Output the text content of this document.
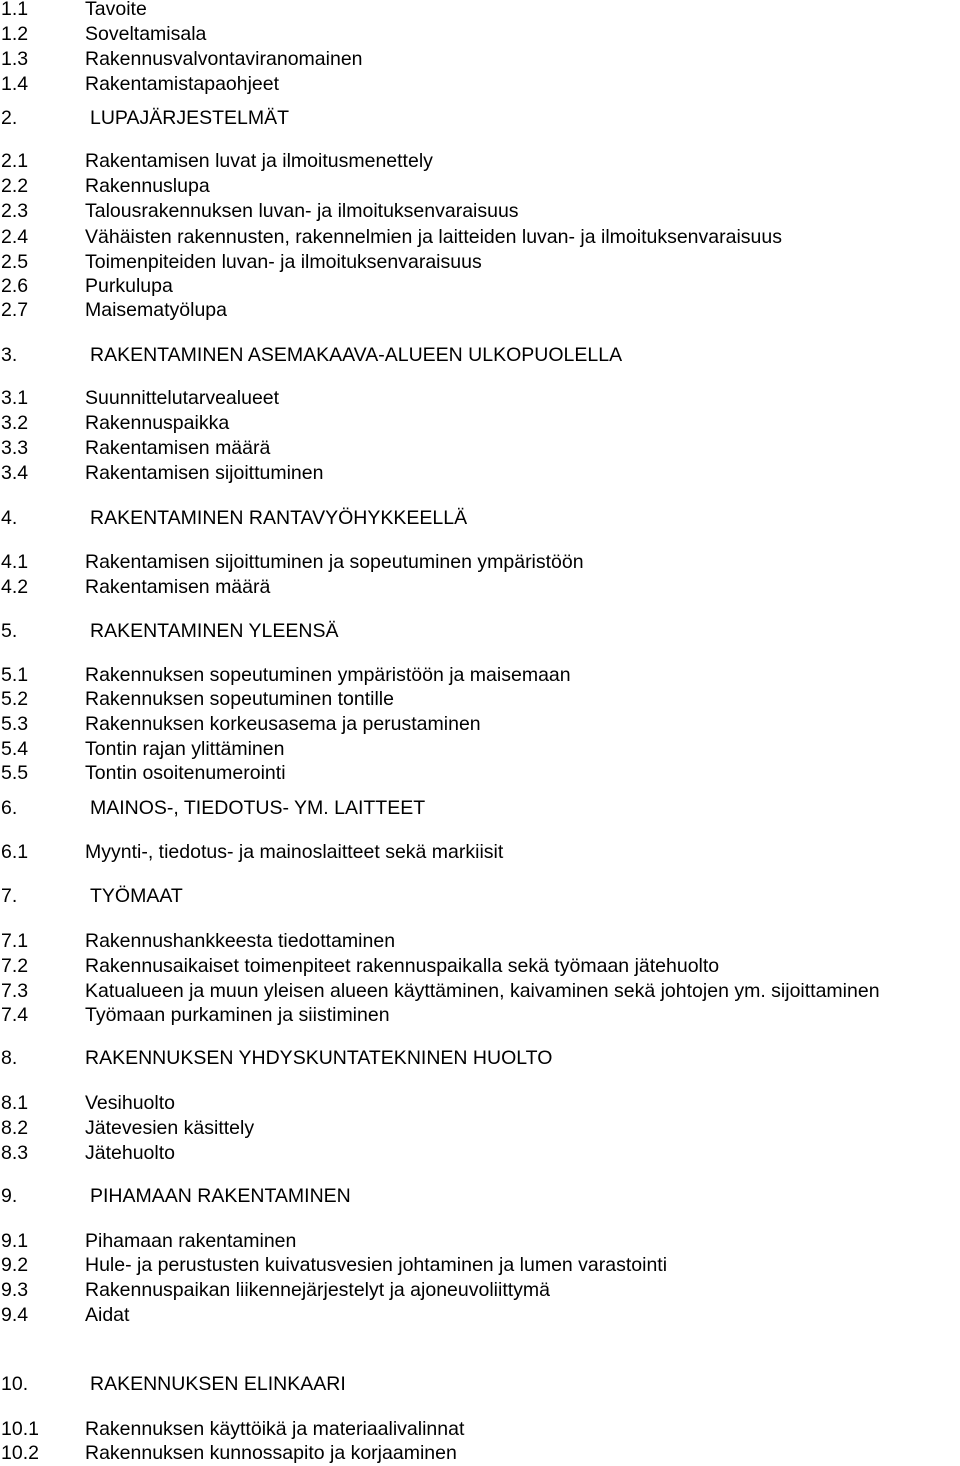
1.1	Tavoite
1.2	Soveltamisala
1.3	Rakennusvalvontaviranomainen
1.4	Rakentamistapaohjeet
2.	LUPAJÄRJESTELMÄT
2.1	Rakentamisen luvat ja ilmoitusmenettely
2.2	Rakennuslupa
2.3	Talousrakennuksen luvan- ja ilmoituksenvaraisuus
2.4	Vähäisten rakennusten, rakennelmien ja laitteiden luvan- ja ilmoituksenvaraisuus
2.5	Toimenpiteiden luvan- ja ilmoituksenvaraisuus
2.6	Purkulupa
2.7	Maisematyölupa
3.	RAKENTAMINEN ASEMAKAAVA-ALUEEN ULKOPUOLELLA
3.1	Suunnittelutarvealueet
3.2	Rakennuspaikka
3.3	Rakentamisen määrä
3.4	Rakentamisen sijoittuminen
4.	RAKENTAMINEN RANTAVYÖHYKKEELLÄ
4.1	Rakentamisen sijoittuminen ja sopeutuminen ympäristöön
4.2	Rakentamisen määrä
5.	RAKENTAMINEN YLEENSÄ
5.1	Rakennuksen sopeutuminen ympäristöön ja maisemaan
5.2	Rakennuksen sopeutuminen tontille
5.3	Rakennuksen korkeusasema ja perustaminen
5.4	Tontin rajan ylittäminen
5.5	Tontin osoitenumerointi
6.	MAINOS-, TIEDOTUS- YM. LAITTEET
6.1	Myynti-, tiedotus- ja mainoslaitteet sekä markiisit
7.	TYÖMAAT
7.1	Rakennushankkeesta tiedottaminen
7.2	Rakennusaikaiset toimenpiteet rakennuspaikalla sekä työmaan jätehuolto
7.3	Katualueen ja muun yleisen alueen käyttäminen, kaivaminen sekä johtojen ym. sijoittaminen
7.4	Työmaan purkaminen ja siistiminen
8.	RAKENNUKSEN YHDYSKUNTATEKNINEN HUOLTO
8.1	Vesihuolto
8.2	Jätevesien käsittely
8.3	Jätehuolto
9.	PIHAMAAN RAKENTAMINEN
9.1	Pihamaan rakentaminen
9.2	Hule- ja perustusten kuivatusvesien johtaminen ja lumen varastointi
9.3	Rakennuspaikan liikennejärjestelyt ja ajoneuvoliittymä
9.4	Aidat
10.	RAKENNUKSEN ELINKAARI
10.1 Rakennuksen käyttöikä ja materiaalivalinnat
10.2 Rakennuksen kunnossapito ja korjaaminen
